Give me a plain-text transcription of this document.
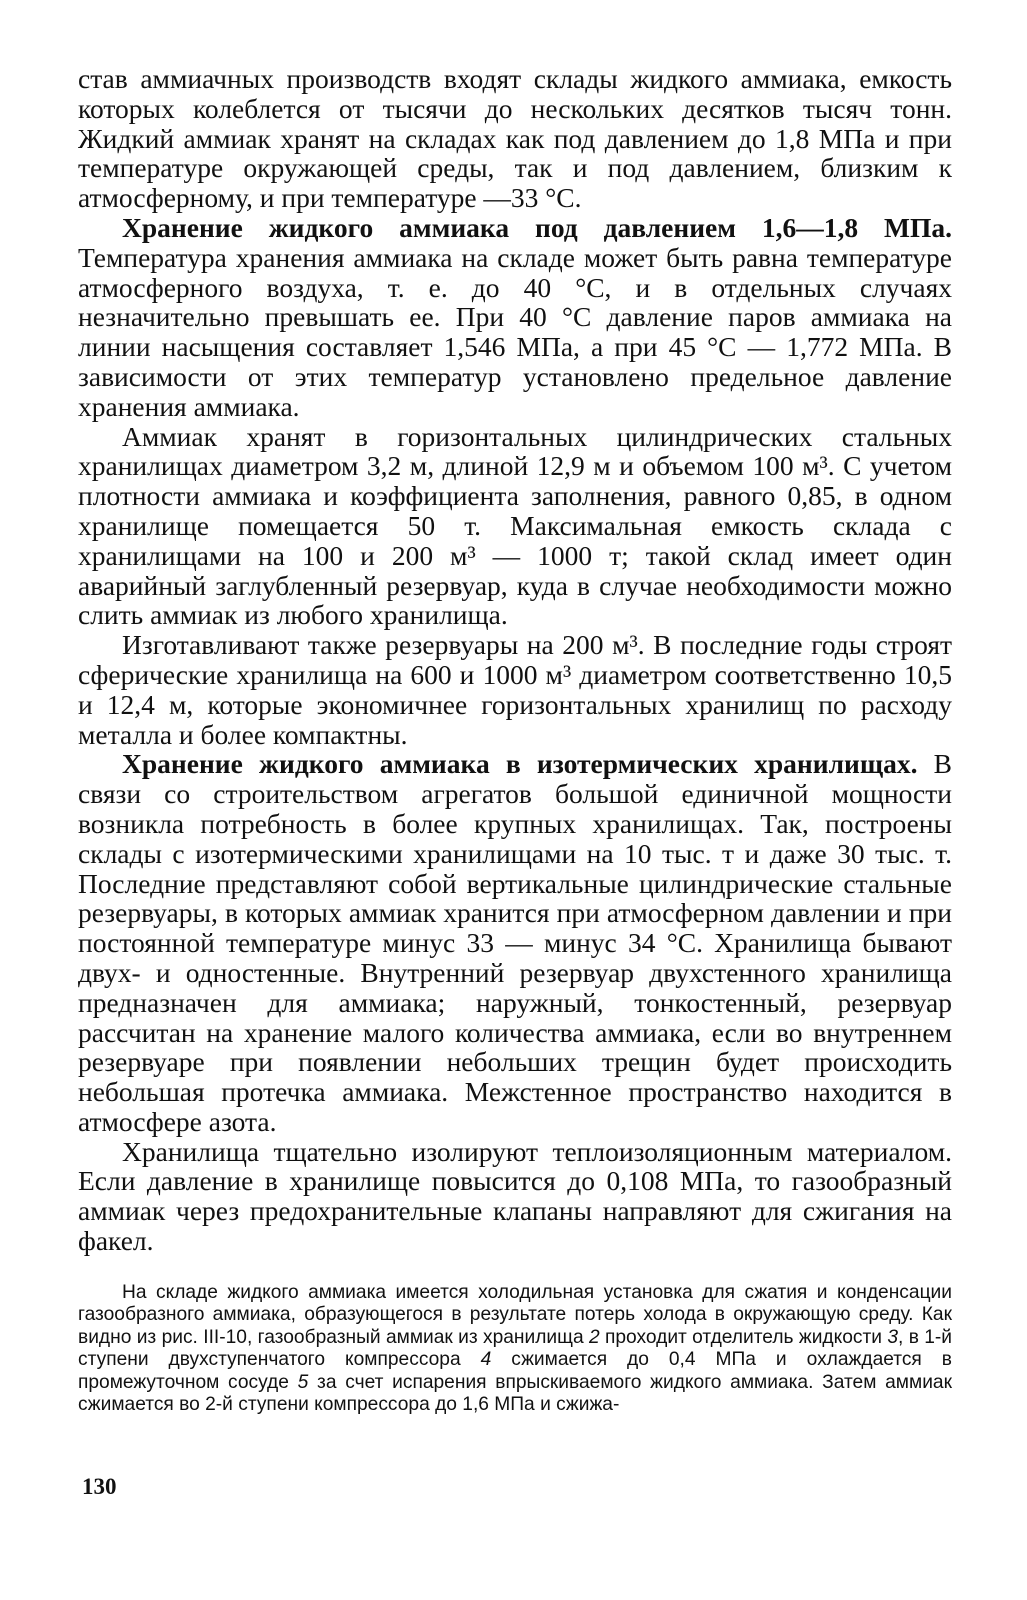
став аммиачных производств входят склады жидкого аммиака, емкость которых колеблется от тысячи до нескольких десятков тысяч тонн. Жидкий аммиак хранят на складах как под давлением до 1,8 МПа и при температуре окружающей среды, так и под давлением, близким к атмосферному, и при температуре —33 °С.

Хранение жидкого аммиака под давлением 1,6—1,8 МПа. Температура хранения аммиака на складе может быть равна температуре атмосферного воздуха, т. е. до 40 °С, и в отдельных случаях незначительно превышать ее. При 40 °С давление паров аммиака на линии насыщения составляет 1,546 МПа, а при 45 °С — 1,772 МПа. В зависимости от этих температур установлено предельное давление хранения аммиака.

Аммиак хранят в горизонтальных цилиндрических стальных хранилищах диаметром 3,2 м, длиной 12,9 м и объемом 100 м³. С учетом плотности аммиака и коэффициента заполнения, равного 0,85, в одном хранилище помещается 50 т. Максимальная емкость склада с хранилищами на 100 и 200 м³ — 1000 т; такой склад имеет один аварийный заглубленный резервуар, куда в случае необходимости можно слить аммиак из любого хранилища.

Изготавливают также резервуары на 200 м³. В последние годы строят сферические хранилища на 600 и 1000 м³ диаметром соответственно 10,5 и 12,4 м, которые экономичнее горизонтальных хранилищ по расходу металла и более компактны.

Хранение жидкого аммиака в изотермических хранилищах. В связи со строительством агрегатов большой единичной мощности возникла потребность в более крупных хранилищах. Так, построены склады с изотермическими хранилищами на 10 тыс. т и даже 30 тыс. т. Последние представляют собой вертикальные цилиндрические стальные резервуары, в которых аммиак хранится при атмосферном давлении и при постоянной температуре минус 33 — минус 34 °С. Хранилища бывают двух- и одностенные. Внутренний резервуар двухстенного хранилища предназначен для аммиака; наружный, тонкостенный, резервуар рассчитан на хранение малого количества аммиака, если во внутреннем резервуаре при появлении небольших трещин будет происходить небольшая протечка аммиака. Межстенное пространство находится в атмосфере азота.

Хранилища тщательно изолируют теплоизоляционным материалом. Если давление в хранилище повысится до 0,108 МПа, то газообразный аммиак через предохранительные клапаны направляют для сжигания на факел.

На складе жидкого аммиака имеется холодильная установка для сжатия и конденсации газообразного аммиака, образующегося в результате потерь холода в окружающую среду. Как видно из рис. III-10, газообразный аммиак из хранилища 2 проходит отделитель жидкости 3, в 1-й ступени двухступенчатого компрессора 4 сжимается до 0,4 МПа и охлаждается в промежуточном сосуде 5 за счет испарения впрыскиваемого жидкого аммиака. Затем аммиак сжимается во 2-й ступени компрессора до 1,6 МПа и сжижа-

130
